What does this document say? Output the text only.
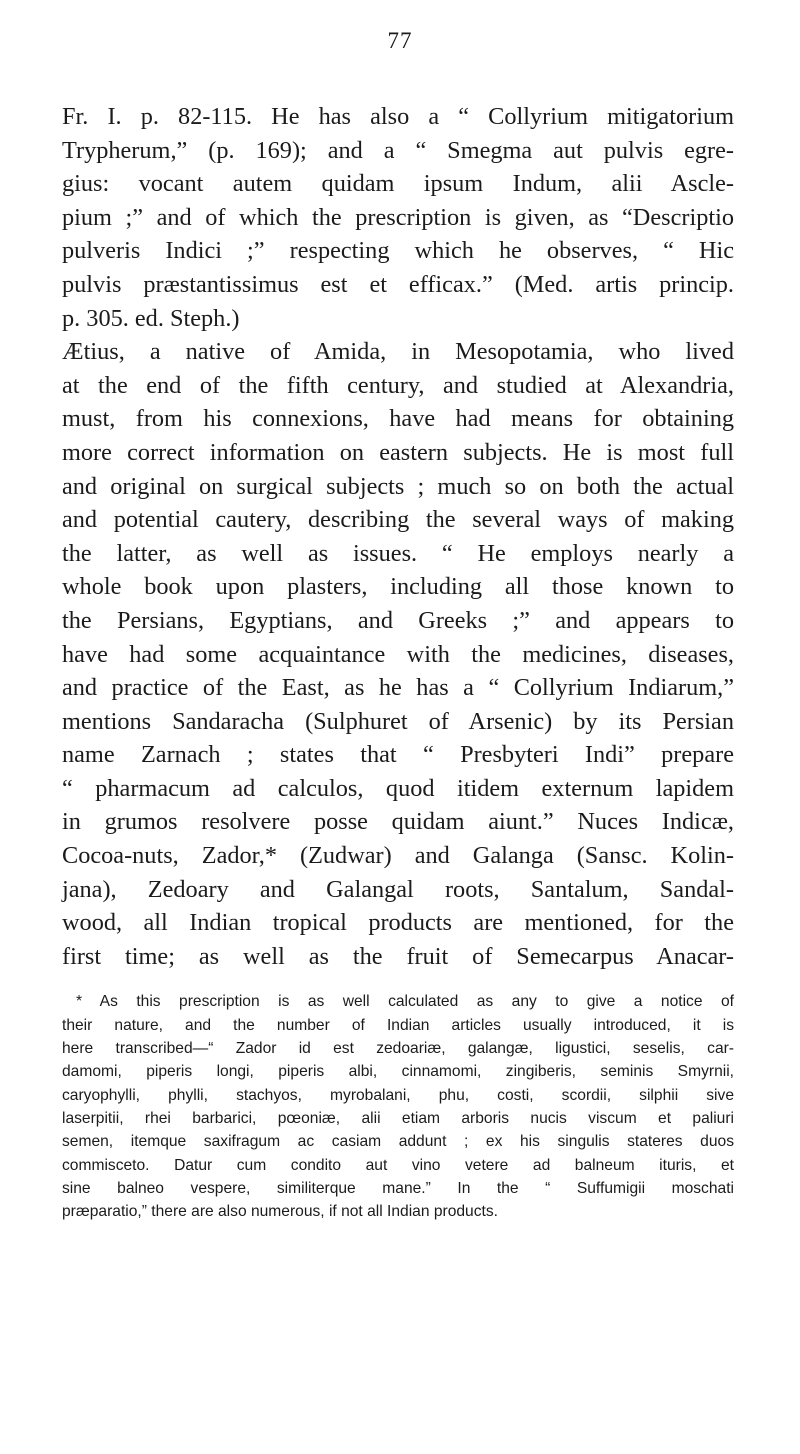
77
Fr. I. p. 82-115. He has also a “ Collyrium mitigatorium
Trypherum,” (p. 169); and a “ Smegma aut pulvis egre-
gius: vocant autem quidam ipsum Indum, alii Ascle-
pium ;” and of which the prescription is given, as “Descriptio
pulveris Indici ;” respecting which he observes, “ Hic
pulvis præstantissimus est et efficax.” (Med. artis princip.
p. 305. ed. Steph.)
Ætius, a native of Amida, in Mesopotamia, who lived
at the end of the fifth century, and studied at Alexandria,
must, from his connexions, have had means for obtaining
more correct information on eastern subjects. He is most full
and original on surgical subjects ; much so on both the actual
and potential cautery, describing the several ways of making
the latter, as well as issues. “ He employs nearly a
whole book upon plasters, including all those known to
the Persians, Egyptians, and Greeks ;” and appears to
have had some acquaintance with the medicines, diseases,
and practice of the East, as he has a “ Collyrium Indiarum,”
mentions Sandaracha (Sulphuret of Arsenic) by its Persian
name Zarnach ; states that “ Presbyteri Indi” prepare
“ pharmacum ad calculos, quod itidem externum lapidem
in grumos resolvere posse quidam aiunt.” Nuces Indicæ,
Cocoa-nuts, Zador,* (Zudwar) and Galanga (Sansc. Kolin-
jana), Zedoary and Galangal roots, Santalum, Sandal-
wood, all Indian tropical products are mentioned, for the
first time; as well as the fruit of Semecarpus Anacar-
* As this prescription is as well calculated as any to give a notice of
their nature, and the number of Indian articles usually introduced, it is
here transcribed—“ Zador id est zedoariæ, galangæ, ligustici, seselis, car-
damomi, piperis longi, piperis albi, cinnamomi, zingiberis, seminis Smyrnii,
caryophylli, phylli, stachyos, myrobalani, phu, costi, scordii, silphii sive
laserpitii, rhei barbarici, pœoniæ, alii etiam arboris nucis viscum et paliuri
semen, itemque saxifragum ac casiam addunt ; ex his singulis stateres duos
commisceto. Datur cum condito aut vino vetere ad balneum ituris, et
sine balneo vespere, similiterque mane.” In the “ Suffumigii moschati
præparatio,” there are also numerous, if not all Indian products.
